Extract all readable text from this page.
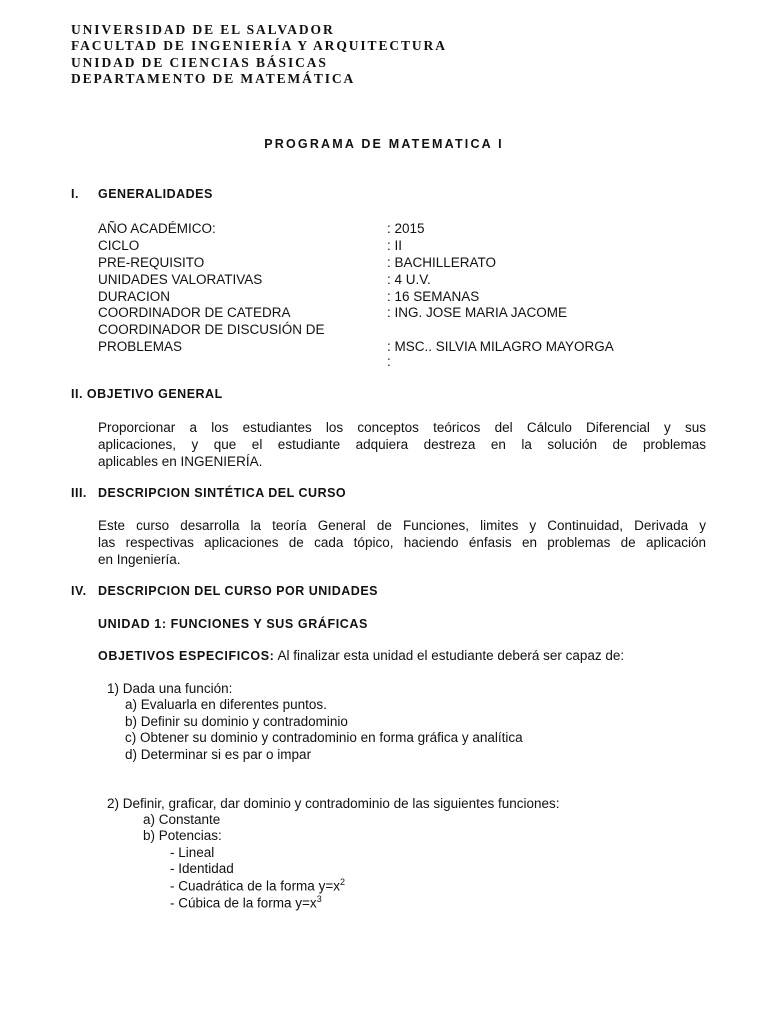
UNIVERSIDAD DE EL SALVADOR
FACULTAD DE INGENIERÍA Y ARQUITECTURA
UNIDAD DE CIENCIAS BÁSICAS
DEPARTAMENTO DE MATEMÁTICA
PROGRAMA DE MATEMATICA I
I. GENERALIDADES
AÑO ACADÉMICO:	: 2015
CICLO	: II
PRE-REQUISITO	: BACHILLERATO
UNIDADES VALORATIVAS	: 4 U.V.
DURACION	: 16 SEMANAS
COORDINADOR DE CATEDRA	: ING. JOSE MARIA JACOME
COORDINADOR DE DISCUSIÓN DE
PROBLEMAS	: MSC.. SILVIA MILAGRO MAYORGA
:
II. OBJETIVO GENERAL
Proporcionar a los estudiantes los conceptos teóricos del Cálculo Diferencial y sus
aplicaciones, y que el estudiante adquiera destreza en la solución de problemas
aplicables en INGENIERÍA.
III. DESCRIPCION SINTÉTICA DEL CURSO
Este curso desarrolla la teoría General de Funciones, limites y Continuidad, Derivada y
las respectivas aplicaciones de cada tópico, haciendo énfasis en problemas de aplicación
en Ingeniería.
IV. DESCRIPCION DEL CURSO POR UNIDADES
UNIDAD 1: FUNCIONES Y SUS GRÁFICAS
OBJETIVOS ESPECIFICOS: Al finalizar esta unidad el estudiante deberá ser capaz de:
1) Dada una función:
a) Evaluarla en diferentes puntos.
b) Definir su dominio y contradominio
c) Obtener su dominio y contradominio en forma gráfica y analítica
d) Determinar si es par o impar
2) Definir, graficar, dar dominio y contradominio de las siguientes funciones:
a) Constante
b) Potencias:
- Lineal
- Identidad
- Cuadrática de la forma $y=x^2$
- Cúbica de la forma $y=x^3$
